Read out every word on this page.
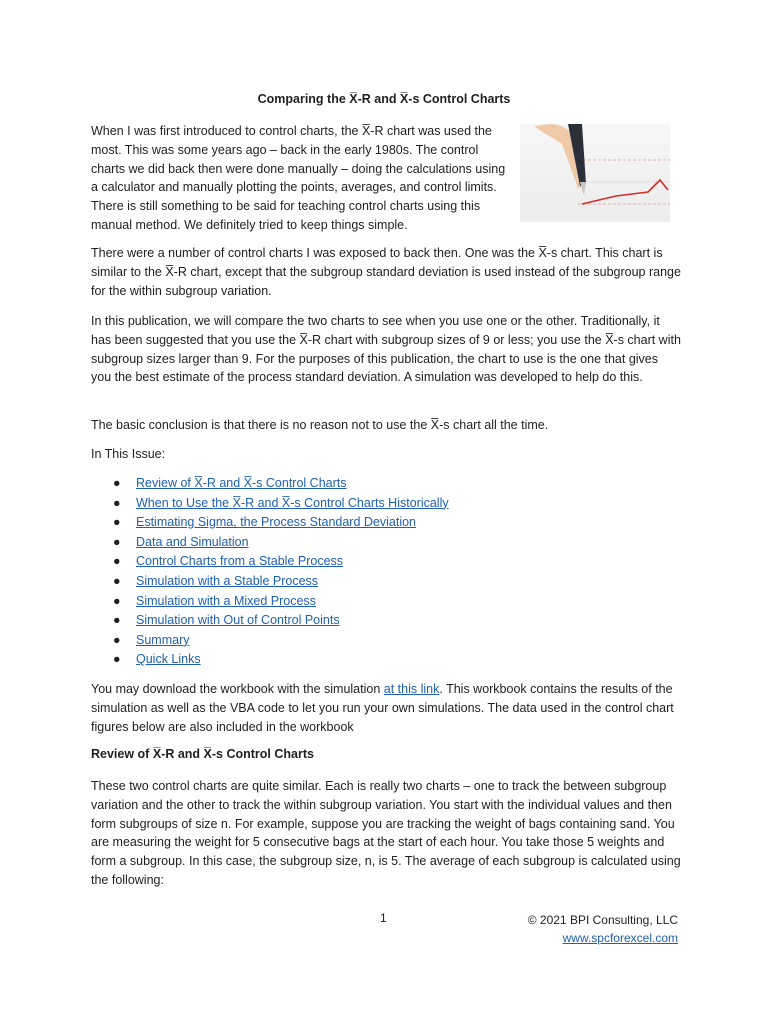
Comparing the X̅-R and X̅-s Control Charts

When I was first introduced to control charts, the X̅-R chart was used the most. This was some years ago – back in the early 1980s. The control charts we did back then were done manually – doing the calculations using a calculator and manually plotting the points, averages, and control limits. There is still something to be said for teaching control charts using this manual method. We definitely tried to keep things simple.

There were a number of control charts I was exposed to back then. One was the X̅-s chart. This chart is similar to the X̅-R chart, except that the subgroup standard deviation is used instead of the subgroup range for the within subgroup variation.

In this publication, we will compare the two charts to see when you use one or the other. Traditionally, it has been suggested that you use the X̅-R chart with subgroup sizes of 9 or less; you use the X̅-s chart with subgroup sizes larger than 9. For the purposes of this publication, the chart to use is the one that gives you the best estimate of the process standard deviation. A simulation was developed to help do this.

The basic conclusion is that there is no reason not to use the X̅-s chart all the time.

In This Issue:

● Review of X̅-R and X̅-s Control Charts
● When to Use the X̅-R and X̅-s Control Charts Historically
● Estimating Sigma, the Process Standard Deviation
● Data and Simulation
● Control Charts from a Stable Process
● Simulation with a Stable Process
● Simulation with a Mixed Process
● Simulation with Out of Control Points
● Summary
● Quick Links

You may download the workbook with the simulation at this link. This workbook contains the results of the simulation as well as the VBA code to let you run your own simulations. The data used in the control chart figures below are also included in the workbook

Review of X̅-R and X̅-s Control Charts

These two control charts are quite similar. Each is really two charts – one to track the between subgroup variation and the other to track the within subgroup variation. You start with the individual values and then form subgroups of size n. For example, suppose you are tracking the weight of bags containing sand. You are measuring the weight for 5 consecutive bags at the start of each hour. You take those 5 weights and form a subgroup. In this case, the subgroup size, n, is 5. The average of each subgroup is calculated using the following:

1	© 2021 BPI Consulting, LLC
www.spcforexcel.com
